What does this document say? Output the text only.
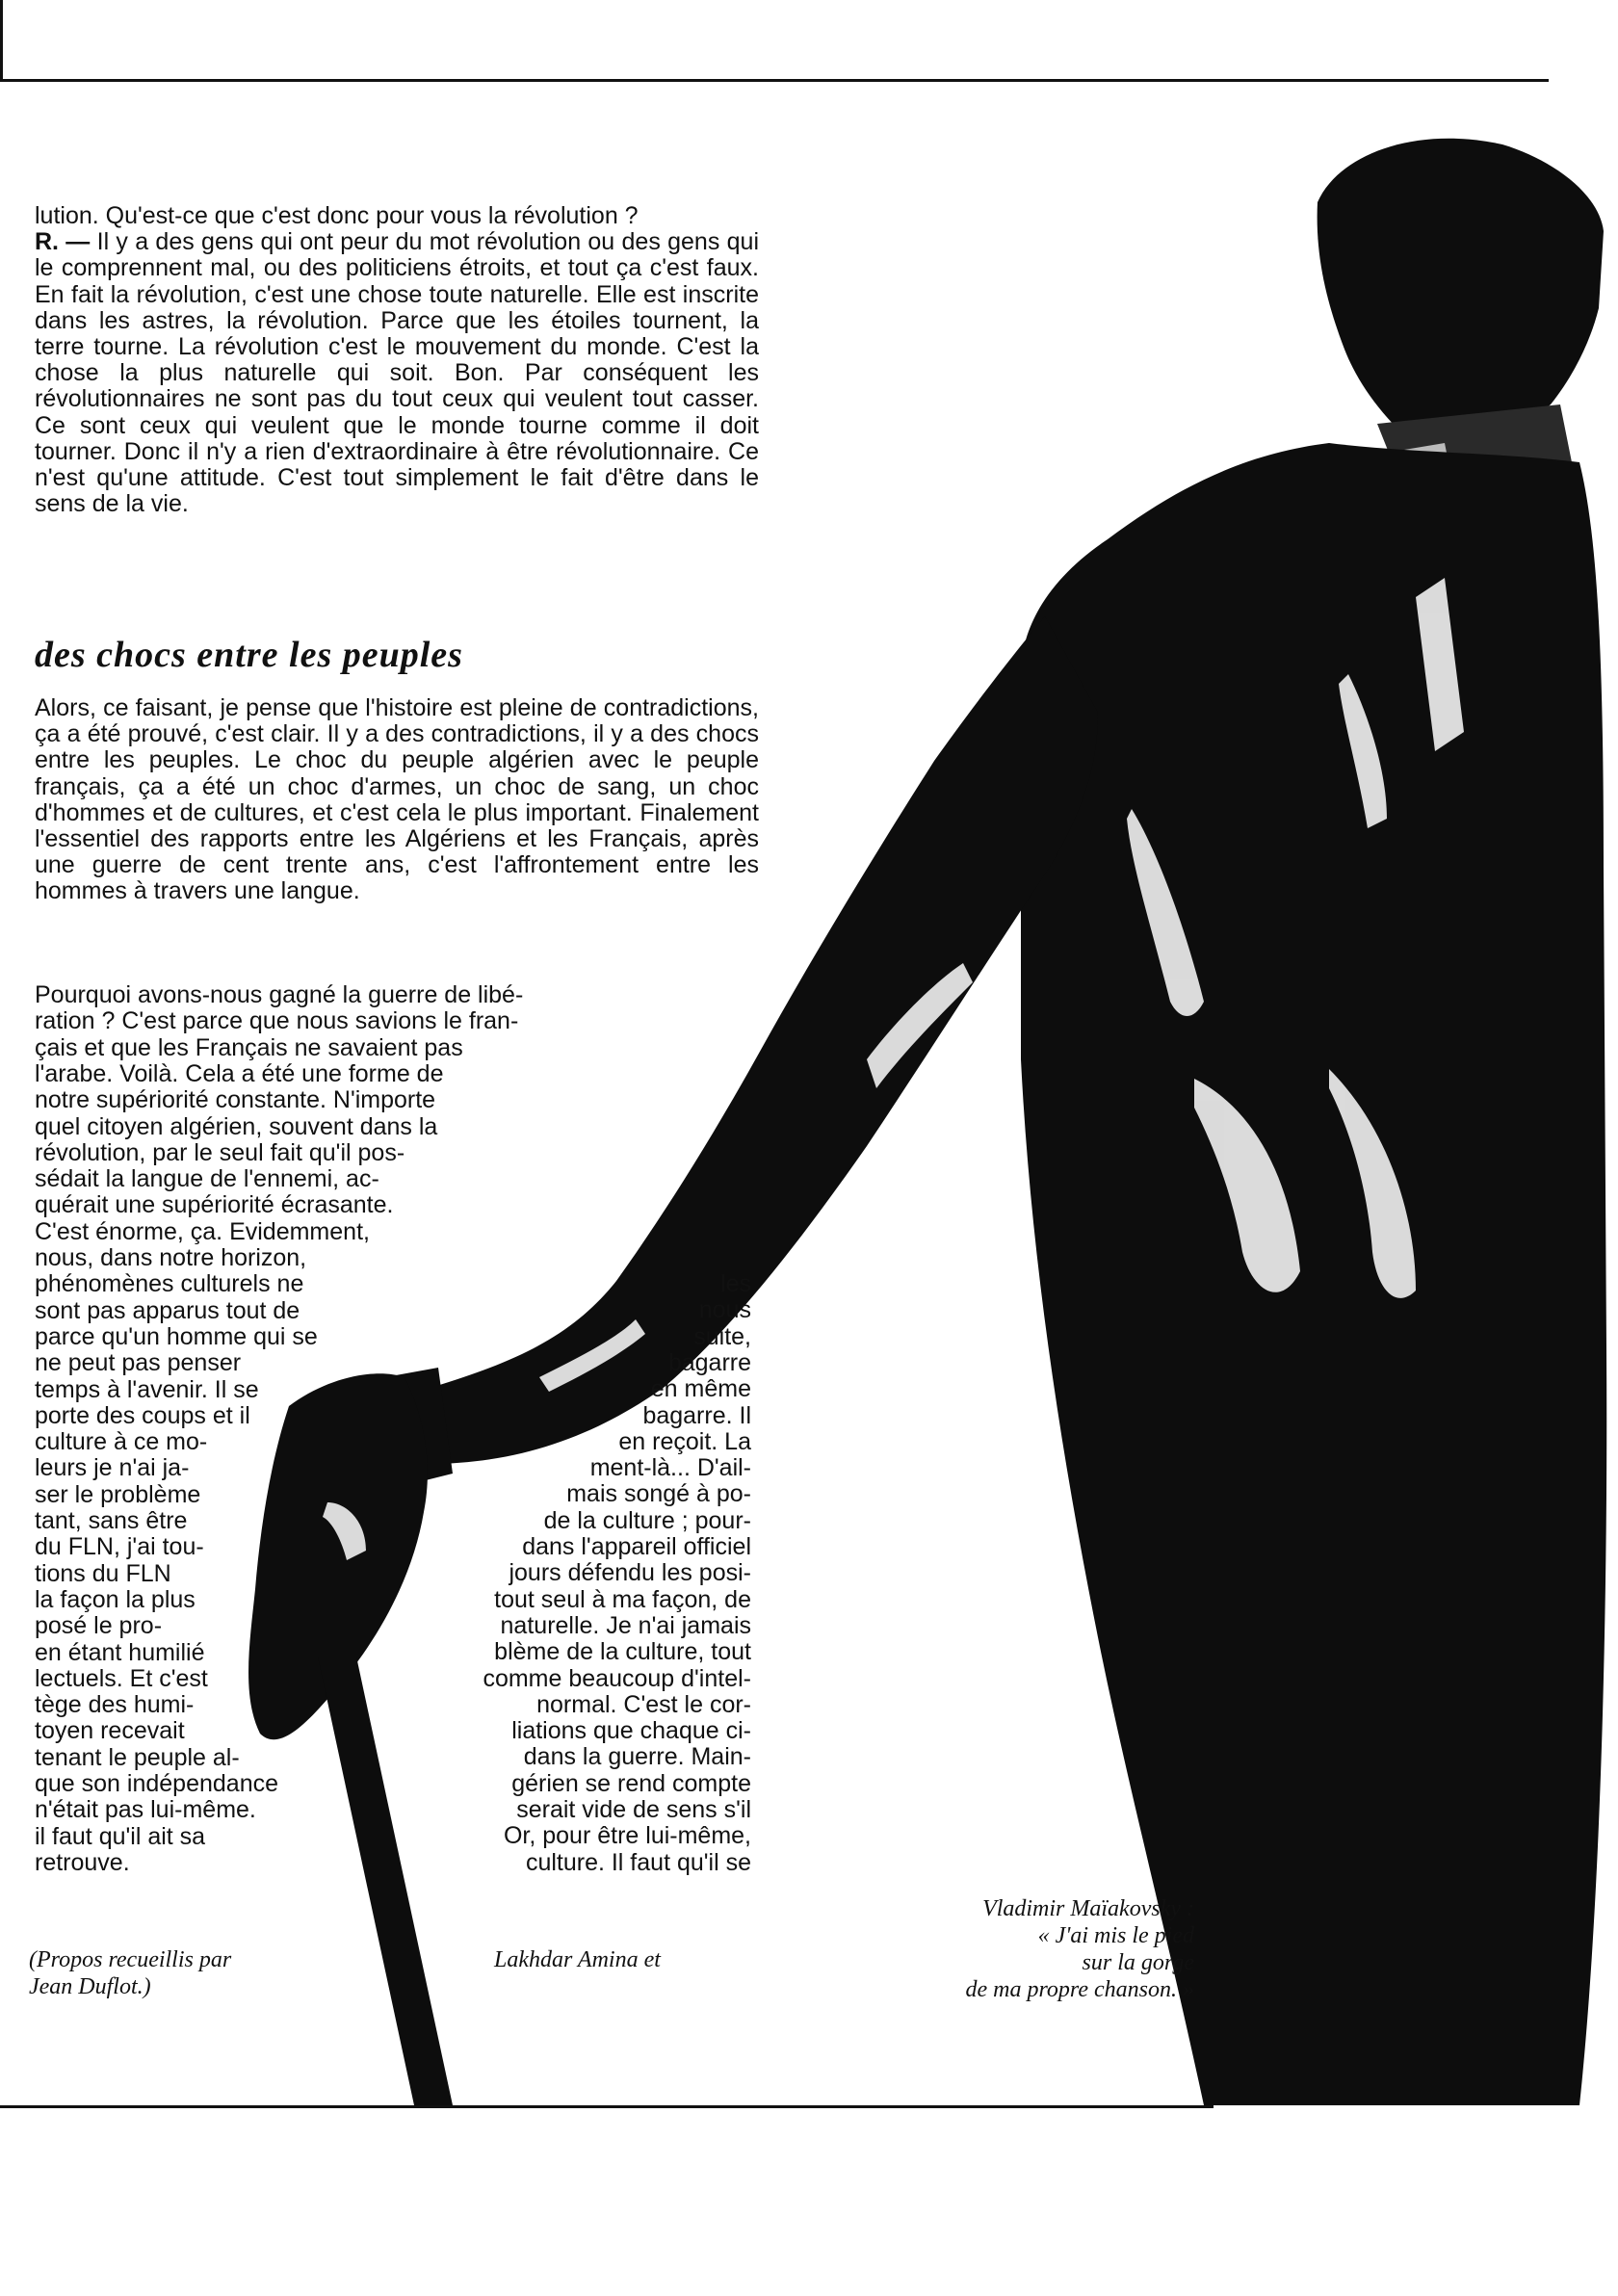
lution. Qu'est-ce que c'est donc pour vous la révolution ?
R. — Il y a des gens qui ont peur du mot révolution ou des gens qui le comprennent mal, ou des politiciens étroits, et tout ça c'est faux. En fait la révolution, c'est une chose toute naturelle. Elle est inscrite dans les astres, la révolution. Parce que les étoiles tournent, la terre tourne. La révolution c'est le mouvement du monde. C'est la chose la plus naturelle qui soit. Bon. Par conséquent les révolutionnaires ne sont pas du tout ceux qui veulent tout casser. Ce sont ceux qui veulent que le monde tourne comme il doit tourner. Donc il n'y a rien d'extraordinaire à être révolutionnaire. Ce n'est qu'une attitude. C'est tout simplement le fait d'être dans le sens de la vie.

des chocs entre les peuples

Alors, ce faisant, je pense que l'histoire est pleine de contradictions, ça a été prouvé, c'est clair. Il y a des contradictions, il y a des chocs entre les peuples. Le choc du peuple algérien avec le peuple français, ça a été un choc d'armes, un choc de sang, un choc d'hommes et de cultures, et c'est cela le plus important. Finalement l'essentiel des rapports entre les Algériens et les Français, après une guerre de cent trente ans, c'est l'affrontement entre les hommes à travers une langue.

Pourquoi avons-nous gagné la guerre de libé-
ration ? C'est parce que nous savions le fran-
çais et que les Français ne savaient pas
l'arabe. Voilà. Cela a été une forme de
notre supériorité constante. N'importe
quel citoyen algérien, souvent dans la
révolution, par le seul fait qu'il pos-
sédait la langue de l'ennemi, ac-
quérait une supériorité écrasante.
C'est énorme, ça. Evidemment,
nous, dans notre horizon,
phénomènes culturels ne
sont pas apparus tout de
parce qu'un homme qui se
ne peut pas penser
temps à l'avenir. Il se
porte des coups et il
culture à ce mo-
leurs je n'ai ja-
ser le problème
tant, sans être
du FLN, j'ai tou-
tions du FLN
la façon la plus
posé le pro-
en étant humilié
lectuels. Et c'est
tège des humi-
toyen recevait
tenant le peuple al-
que son indépendance
n'était pas lui-même.
il faut qu'il ait sa
retrouve.
les
nous
suite,
bagarre
en même
bagarre. Il
en reçoit. La
ment-là... D'ail-
mais songé à po-
de la culture ; pour-
dans l'appareil officiel
jours défendu les posi-
tout seul à ma façon, de
naturelle. Je n'ai jamais
blème de la culture, tout
comme beaucoup d'intel-
normal. C'est le cor-
liations que chaque ci-
dans la guerre. Main-
gérien se rend compte
serait vide de sens s'il
Or, pour être lui-même,
culture. Il faut qu'il se
(Propos recueillis par
Jean Duflot.)
Lakhdar Amina et
Vladimir Maïakovsky :
« J'ai mis le pied
sur la gorge
de ma propre chanson. »
